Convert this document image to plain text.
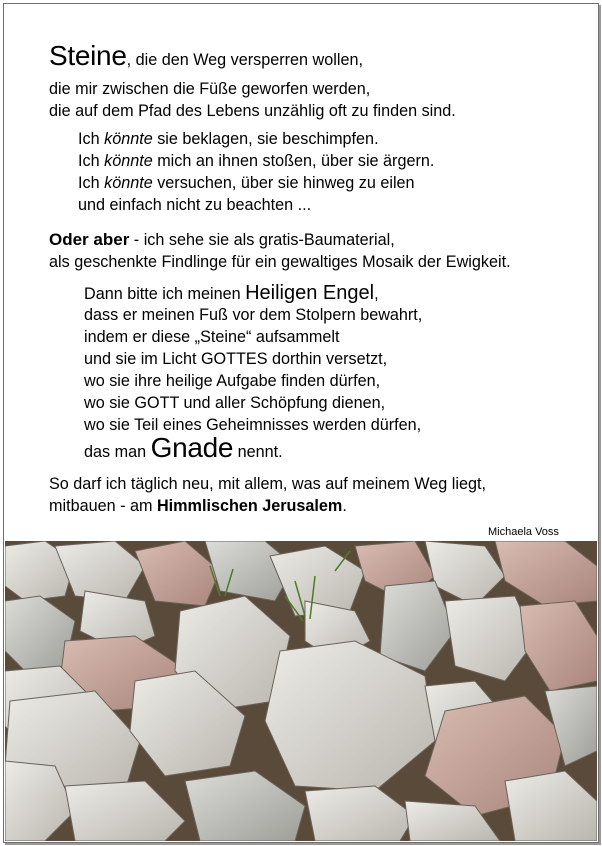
Steine, die den Weg versperren wollen,
die mir zwischen die Füße geworfen werden,
die auf dem Pfad des Lebens unzählig oft zu finden sind.
Ich könnte sie beklagen, sie beschimpfen.
Ich könnte mich an ihnen stoßen, über sie ärgern.
Ich könnte versuchen, über sie hinweg zu eilen
und einfach nicht zu beachten ...
Oder aber - ich sehe sie als gratis-Baumaterial,
als geschenkte Findlinge für ein gewaltiges Mosaik der Ewigkeit.
Dann bitte ich meinen Heiligen Engel,
dass er meinen Fuß vor dem Stolpern bewahrt,
indem er diese „Steine“ aufsammelt
und sie im Licht GOTTES dorthin versetzt,
wo sie ihre heilige Aufgabe finden dürfen,
wo sie GOTT und aller Schöpfung dienen,
wo sie Teil eines Geheimnisses werden dürfen,
das man Gnade nennt.
So darf ich täglich neu, mit allem, was auf meinem Weg liegt,
mitbauen - am Himmlischen Jerusalem.
Michaela Voss
